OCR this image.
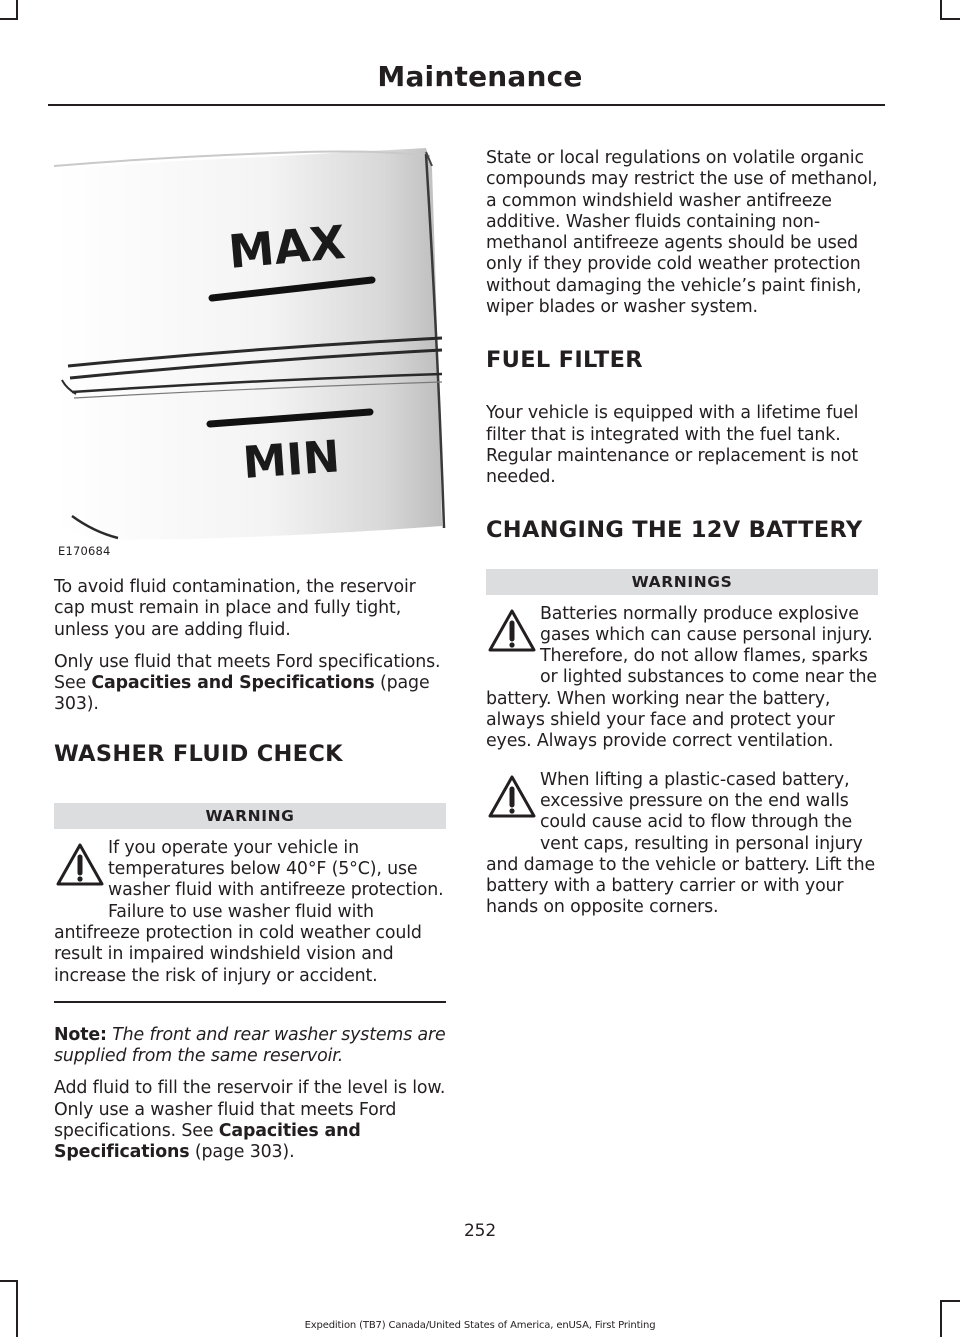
Maintenance
MAX
MIN
E170684

To avoid fluid contamination, the reservoir cap must remain in place and fully tight, unless you are adding fluid.

Only use fluid that meets Ford specifications. See Capacities and Specifications (page 303).

WASHER FLUID CHECK
WARNING

If you operate your vehicle in temperatures below 40°F (5°C), use washer fluid with antifreeze protection. Failure to use washer fluid with antifreeze protection in cold weather could result in impaired windshield vision and increase the risk of injury or accident.

Note: The front and rear washer systems are supplied from the same reservoir.

Add fluid to fill the reservoir if the level is low. Only use a washer fluid that meets Ford specifications. See Capacities and Specifications (page 303).

State or local regulations on volatile organic compounds may restrict the use of methanol, a common windshield washer antifreeze additive. Washer fluids containing non-methanol antifreeze agents should be used only if they provide cold weather protection without damaging the vehicle’s paint finish, wiper blades or washer system.

FUEL FILTER

Your vehicle is equipped with a lifetime fuel filter that is integrated with the fuel tank. Regular maintenance or replacement is not needed.

CHANGING THE 12V BATTERY
WARNINGS

Batteries normally produce explosive gases which can cause personal injury. Therefore, do not allow flames, sparks or lighted substances to come near the battery. When working near the battery, always shield your face and protect your eyes. Always provide correct ventilation.

When lifting a plastic-cased battery, excessive pressure on the end walls could cause acid to flow through the vent caps, resulting in personal injury and damage to the vehicle or battery. Lift the battery with a battery carrier or with your hands on opposite corners.

252

Expedition (TB7) Canada/United States of America, enUSA, First Printing
